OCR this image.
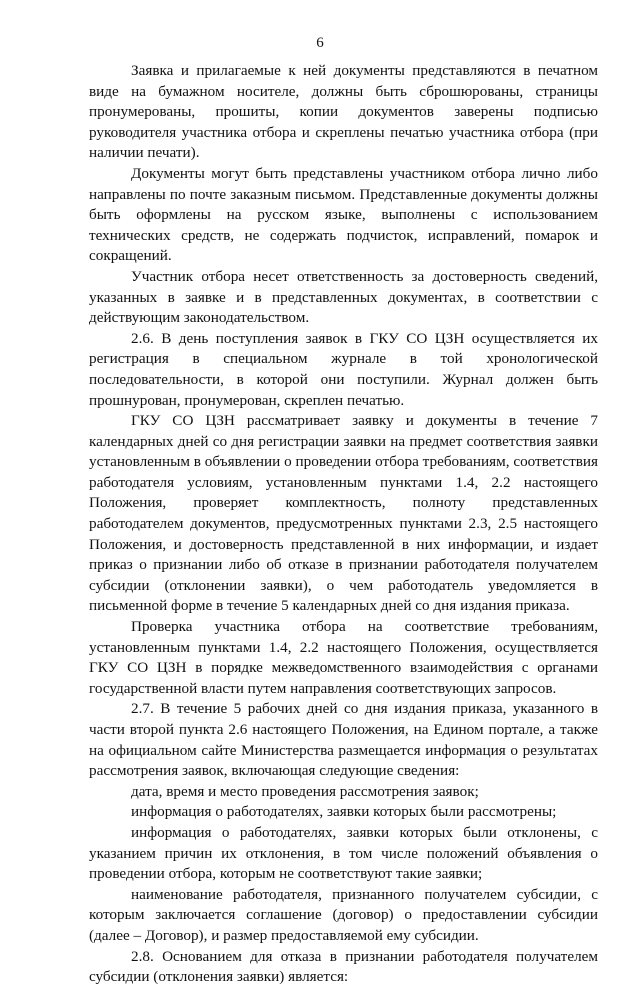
6

Заявка и прилагаемые к ней документы представляются в печатном виде на бумажном носителе, должны быть сброшюрованы, страницы пронумерованы, прошиты, копии документов заверены подписью руководителя участника отбора и скреплены печатью участника отбора (при наличии печати).

Документы могут быть представлены участником отбора лично либо направлены по почте заказным письмом. Представленные документы должны быть оформлены на русском языке, выполнены с использованием технических средств, не содержать подчисток, исправлений, помарок и сокращений.

Участник отбора несет ответственность за достоверность сведений, указанных в заявке и в представленных документах, в соответствии с действующим законодательством.

2.6. В день поступления заявок в ГКУ СО ЦЗН осуществляется их регистрация в специальном журнале в той хронологической последовательности, в которой они поступили. Журнал должен быть прошнурован, пронумерован, скреплен печатью.

ГКУ СО ЦЗН рассматривает заявку и документы в течение 7 календарных дней со дня регистрации заявки на предмет соответствия заявки установленным в объявлении о проведении отбора требованиям, соответствия работодателя условиям, установленным пунктами 1.4, 2.2 настоящего Положения, проверяет комплектность, полноту представленных работодателем документов, предусмотренных пунктами 2.3, 2.5 настоящего Положения, и достоверность представленной в них информации, и издает приказ о признании либо об отказе в признании работодателя получателем субсидии (отклонении заявки), о чем работодатель уведомляется в письменной форме в течение 5 календарных дней со дня издания приказа.

Проверка участника отбора на соответствие требованиям, установленным пунктами 1.4, 2.2 настоящего Положения, осуществляется ГКУ СО ЦЗН в порядке межведомственного взаимодействия с органами государственной власти путем направления соответствующих запросов.

2.7. В течение 5 рабочих дней со дня издания приказа, указанного в части второй пункта 2.6 настоящего Положения, на Едином портале, а также на официальном сайте Министерства размещается информация о результатах рассмотрения заявок, включающая следующие сведения:

дата, время и место проведения рассмотрения заявок;

информация о работодателях, заявки которых были рассмотрены;

информация о работодателях, заявки которых были отклонены, с указанием причин их отклонения, в том числе положений объявления о проведении отбора, которым не соответствуют такие заявки;

наименование работодателя, признанного получателем субсидии, с которым заключается соглашение (договор) о предоставлении субсидии (далее – Договор), и размер предоставляемой ему субсидии.

2.8. Основанием для отказа в признании работодателя получателем субсидии (отклонения заявки) является:
